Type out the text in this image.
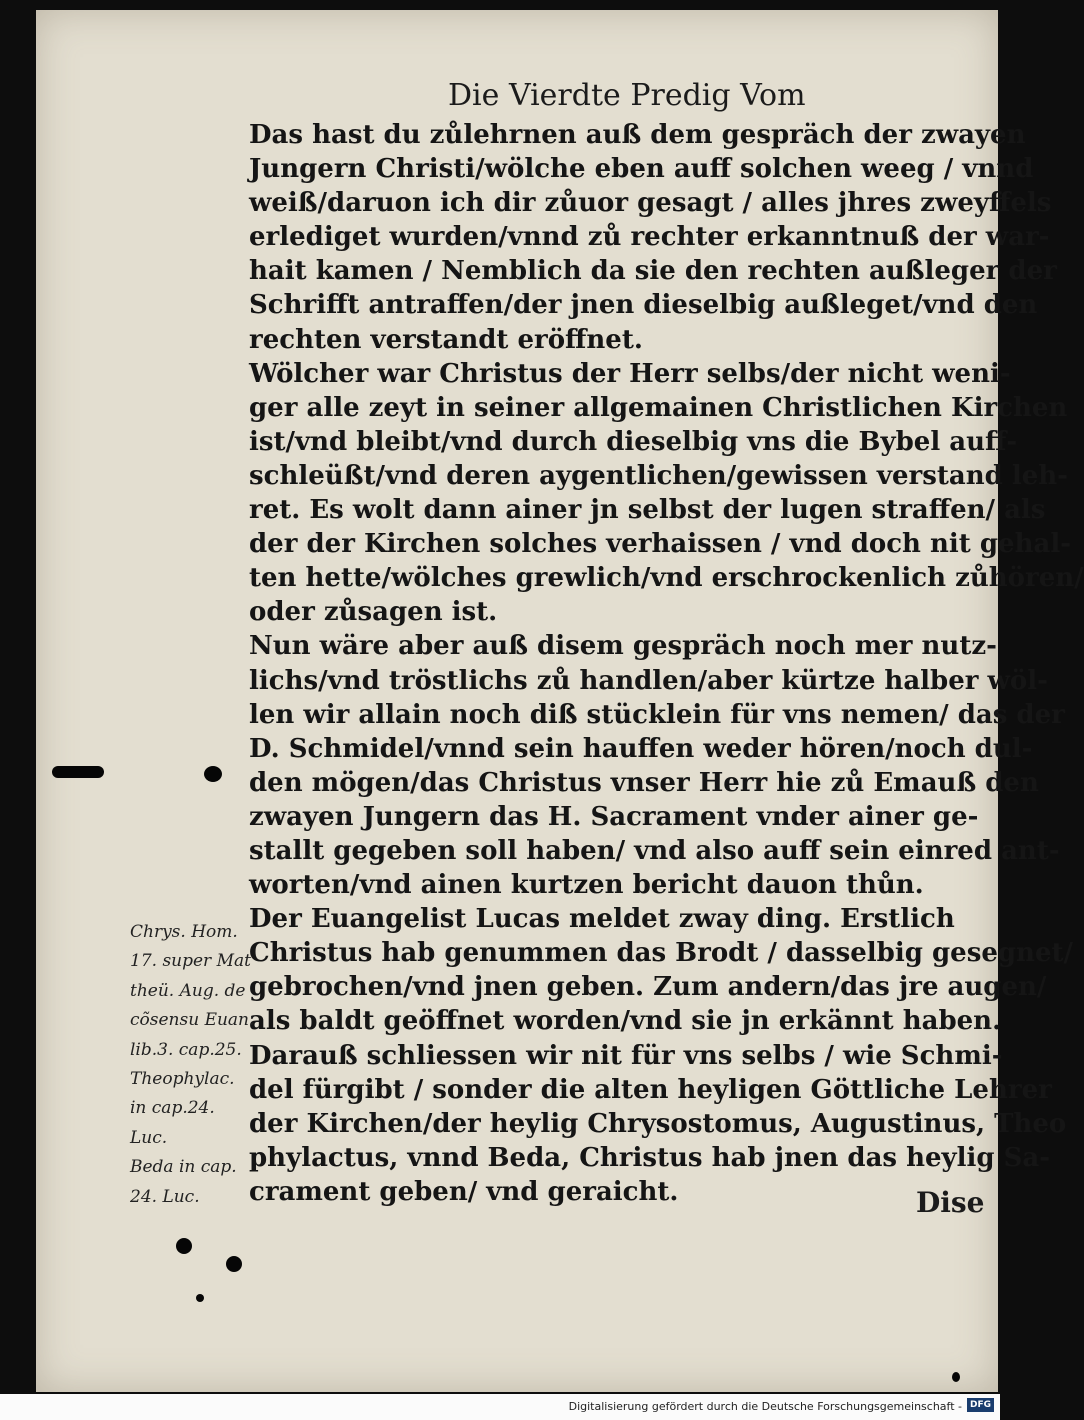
Die Vierdte Predig Vom
Das hast du zůlehrnen auß dem gespräch der zwayen
Jungern Christi/wölche eben auff solchen weeg / vnnd
weiß/daruon ich dir zůuor gesagt / alles jhres zweyffels
erlediget wurden/vnnd zů rechter erkanntnuß der war-
hait kamen / Nemblich da sie den rechten außleger der
Schrifft antraffen/der jnen dieselbig außleget/vnd den
rechten verstandt eröffnet.
Wölcher war Christus der Herr selbs/der nicht weni-
ger alle zeyt in seiner allgemainen Christlichen Kirchen
ist/vnd bleibt/vnd durch dieselbig vns die Bybel auff-
schleüßt/vnd deren aygentlichen/gewissen verstand leh-
ret. Es wolt dann ainer jn selbst der lugen straffen/ als
der der Kirchen solches verhaissen / vnd doch nit gehal-
ten hette/wölches grewlich/vnd erschrockenlich zůhören/
oder zůsagen ist.
Nun wäre aber auß disem gespräch noch mer nutz-
lichs/vnd tröstlichs zů handlen/aber kürtze halber wöl-
len wir allain noch diß stücklein für vns nemen/ das der
D. Schmidel/vnnd sein hauffen weder hören/noch dul-
den mögen/das Christus vnser Herr hie zů Emauß den
zwayen Jungern das H. Sacrament vnder ainer ge-
stallt gegeben soll haben/ vnd also auff sein einred ant-
worten/vnd ainen kurtzen bericht dauon thůn.
Der Euangelist Lucas meldet zway ding. Erstlich
Christus hab genummen das Brodt / dasselbig gesegnet/
gebrochen/vnd jnen geben. Zum andern/das jre augen/
als baldt geöffnet worden/vnd sie jn erkännt haben.
Darauß schliessen wir nit für vns selbs / wie Schmi-
del fürgibt / sonder die alten heyligen Göttliche Lehrer
der Kirchen/der heylig Chrysostomus, Augustinus, Theo
phylactus, vnnd Beda, Christus hab jnen das heylig Sa-
crament geben/ vnd geraicht.
Chrys. Hom.
17. super Mat
theü. Aug. de
cõsensu Euan.
lib.3. cap.25.
Theophylac.
in cap.24.
Luc.
Beda in cap.
24. Luc.	Dise
Digitalisierung gefördert durch die Deutsche Forschungsgemeinschaft - DFG
